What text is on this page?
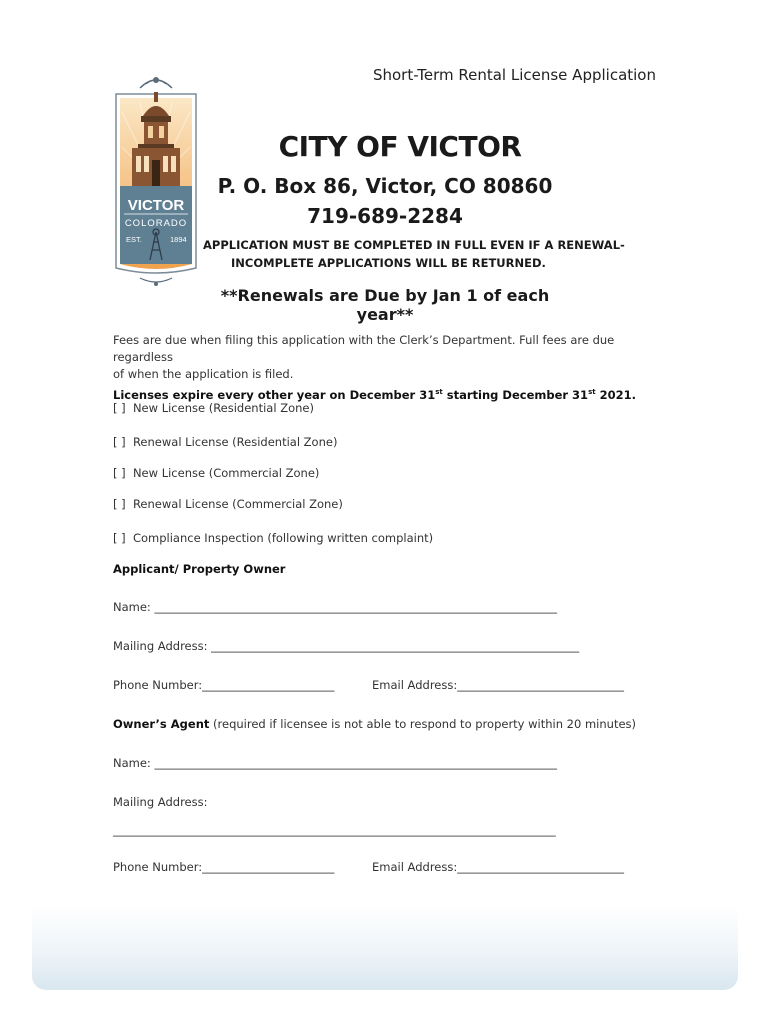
Short-Term Rental License Application
VICTOR
COLORADO
EST.	1894
CITY OF VICTOR
P. O. Box 86, Victor, CO 80860
719-689-2284
APPLICATION MUST BE COMPLETED IN FULL EVEN IF A RENEWAL-
INCOMPLETE APPLICATIONS WILL BE RETURNED.
**Renewals are Due by Jan 1 of each year**

Fees are due when filing this application with the Clerk’s Department. Full fees are due regardless

of when the application is filed.

Licenses expire every other year on December 31st starting December 31st 2021.

[ ] New License (Residential Zone)
[ ] Renewal License (Residential Zone)
[ ] New License (Commercial Zone)
[ ] Renewal License (Commercial Zone)
[ ] Compliance Inspection (following written complaint)
Applicant/ Property Owner
Name: ______________________________________________________________________
Mailing Address: ________________________________________________________________
Phone Number:_______________________	Email Address:_____________________________
Owner’s Agent (required if licensee is not able to respond to property within 20 minutes)
Name: ______________________________________________________________________
Mailing Address:
_____________________________________________________________________________
Phone Number:_______________________	Email Address:_____________________________
